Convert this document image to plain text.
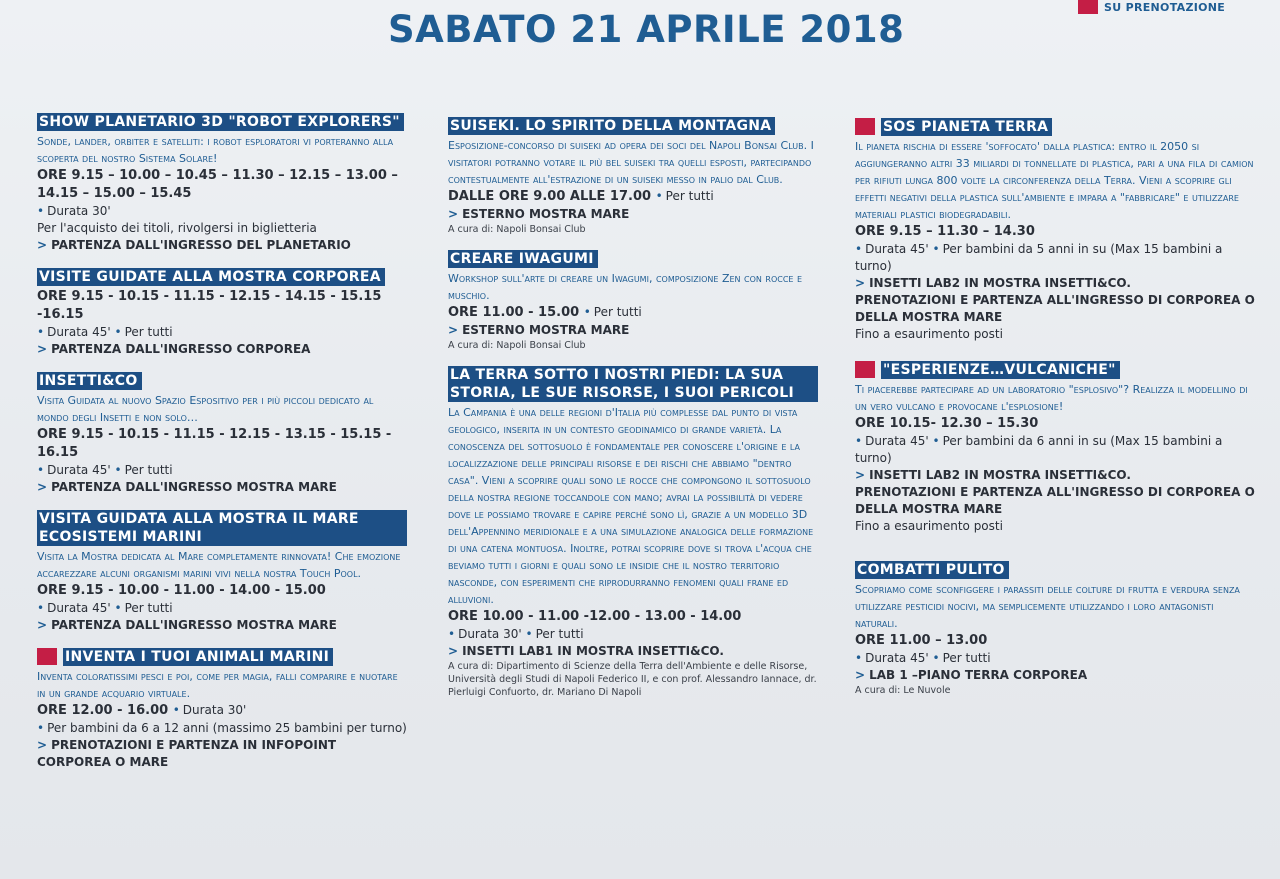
SABATO 21 APRILE 2018
SU PRENOTAZIONE
SHOW PLANETARIO 3D "ROBOT EXPLORERS"
Sonde, lander, orbiter e satelliti: i robot esploratori vi porteranno alla scoperta del nostro Sistema Solare!
ORE 9.15 – 10.00 – 10.45 – 11.30 – 12.15 – 13.00 – 14.15 – 15.00 – 15.45
• Durata 30'
Per l'acquisto dei titoli, rivolgersi in biglietteria
> PARTENZA DALL'INGRESSO DEL PLANETARIO
VISITE GUIDATE ALLA MOSTRA CORPOREA
ORE 9.15 - 10.15 - 11.15 - 12.15 - 14.15 - 15.15 -16.15
• Durata 45' • Per tutti
> PARTENZA DALL'INGRESSO CORPOREA
INSETTI&CO
Visita Guidata al nuovo Spazio Espositivo per i più piccoli dedicato al mondo degli Insetti e non solo…
ORE 9.15 - 10.15 - 11.15 - 12.15 - 13.15 - 15.15 - 16.15
• Durata 45' • Per tutti
> PARTENZA DALL'INGRESSO MOSTRA MARE
VISITA GUIDATA ALLA MOSTRA IL MARE ECOSISTEMI MARINI
Visita la Mostra dedicata al Mare completamente rinnovata! Che emozione accarezzare alcuni organismi marini vivi nella nostra Touch Pool.
ORE 9.15 - 10.00 - 11.00 - 14.00 - 15.00
• Durata 45' • Per tutti
> PARTENZA DALL'INGRESSO MOSTRA MARE
INVENTA I TUOI ANIMALI MARINI
Inventa coloratissimi pesci e poi, come per magia, falli comparire e nuotare in un grande acquario virtuale.
ORE 12.00 - 16.00 • Durata 30'
• Per bambini da 6 a 12 anni (massimo 25 bambini per turno)
> PRENOTAZIONI E PARTENZA IN INFOPOINT CORPOREA O MARE
SUISEKI. LO SPIRITO DELLA MONTAGNA
Esposizione-concorso di suiseki ad opera dei soci del Napoli Bonsai Club. I visitatori potranno votare il più bel suiseki tra quelli esposti, partecipando contestualmente all'estrazione di un suiseki messo in palio dal Club.
DALLE ORE 9.00 ALLE 17.00 • Per tutti
> ESTERNO MOSTRA MARE
A cura di: Napoli Bonsai Club
CREARE IWAGUMI
Workshop sull'arte di creare un Iwagumi, composizione Zen con rocce e muschio.
ORE 11.00 - 15.00 • Per tutti
> ESTERNO MOSTRA MARE
A cura di: Napoli Bonsai Club
LA TERRA SOTTO I NOSTRI PIEDI: LA SUA STORIA, LE SUE RISORSE, I SUOI PERICOLI
La Campania è una delle regioni d'Italia più complesse dal punto di vista geologico, inserita in un contesto geodinamico di grande varietà. La conoscenza del sottosuolo è fondamentale per conoscere l'origine e la localizzazione delle principali risorse e dei rischi che abbiamo "dentro casa". Vieni a scoprire quali sono le rocce che compongono il sottosuolo della nostra regione toccandole con mano; avrai la possibilità di vedere dove le possiamo trovare e capire perché sono lì, grazie a un modello 3D dell'Appennino meridionale e a una simulazione analogica delle formazione di una catena montuosa. Inoltre, potrai scoprire dove si trova l'acqua che beviamo tutti i giorni e quali sono le insidie che il nostro territorio nasconde, con esperimenti che riprodurranno fenomeni quali frane ed alluvioni.
ORE 10.00 - 11.00 -12.00 - 13.00 - 14.00
• Durata 30' • Per tutti
> INSETTI LAB1 IN MOSTRA INSETTI&CO.
A cura di: Dipartimento di Scienze della Terra dell'Ambiente e delle Risorse, Università degli Studi di Napoli Federico II, e con prof. Alessandro Iannace, dr. Pierluigi Confuorto, dr. Mariano Di Napoli
SOS PIANETA TERRA
Il pianeta rischia di essere 'soffocato' dalla plastica: entro il 2050 si aggiungeranno altri 33 miliardi di tonnellate di plastica, pari a una fila di camion per rifiuti lunga 800 volte la circonferenza della Terra. Vieni a scoprire gli effetti negativi della plastica sull'ambiente e impara a "fabbricare" e utilizzare materiali plastici biodegradabili.
ORE 9.15 – 11.30 – 14.30
• Durata 45' • Per bambini da 5 anni in su (Max 15 bambini a turno)
> INSETTI LAB2 IN MOSTRA INSETTI&CO.
PRENOTAZIONI E PARTENZA ALL'INGRESSO DI CORPOREA O DELLA MOSTRA MARE
Fino a esaurimento posti
"ESPERIENZE…VULCANICHE"
Ti piacerebbe partecipare ad un laboratorio "esplosivo"? Realizza il modellino di un vero vulcano e provocane l'esplosione!
ORE 10.15- 12.30 – 15.30
• Durata 45' • Per bambini da 6 anni in su (Max 15 bambini a turno)
> INSETTI LAB2 IN MOSTRA INSETTI&CO.
PRENOTAZIONI E PARTENZA ALL'INGRESSO DI CORPOREA O DELLA MOSTRA MARE
Fino a esaurimento posti
COMBATTI PULITO
Scopriamo come sconfiggere i parassiti delle colture di frutta e verdura senza utilizzare pesticidi nocivi, ma semplicemente utilizzando i loro antagonisti naturali.
ORE 11.00 – 13.00
• Durata 45' • Per tutti
> LAB 1 –PIANO TERRA CORPOREA
A cura di: Le Nuvole
